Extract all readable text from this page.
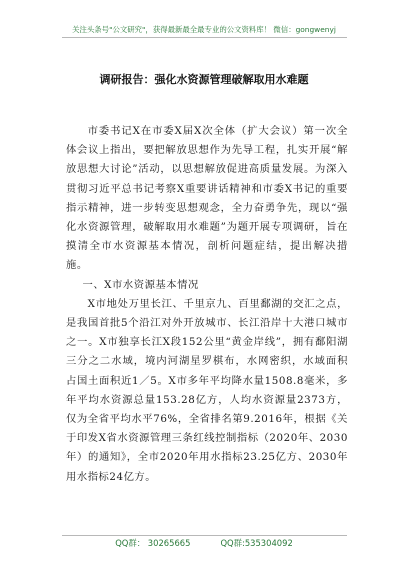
关注头条号"公文研究"，获得最新最全最专业的公文资料库！ 微信：gongwenyj
调研报告：强化水资源管理破解取用水难题

市委书记X在市委X届X次全体（扩大会议）第一次全体会议上指出，要把解放思想作为先导工程，扎实开展“解放思想大讨论”活动，以思想解放促进高质量发展。为深入贯彻习近平总书记考察X重要讲话精神和市委X书记的重要指示精神，进一步转变思想观念，全力奋勇争先，现以“强化水资源管理，破解取用水难题”为题开展专项调研，旨在摸清全市水资源基本情况，剖析问题症结，提出解决措施。

一、X市水资源基本情况

X市地处万里长江、千里京九、百里鄱湖的交汇之点，是我国首批5个沿江对外开放城市、长江沿岸十大港口城市之一。X市独享长江X段152公里“黄金岸线”，拥有鄱阳湖三分之二水域，境内河湖星罗棋布，水网密织，水域面积占国土面积近1／5。X市多年平均降水量1508.8毫米，多年平均水资源总量153.28亿方，人均水资源量2373方，仅为全省平均水平76%，全省排名第9.2016年，根据《关于印发X省水资源管理三条红线控制指标（2020年、2030年）的通知》，全市2020年用水指标23.25亿方、2030年用水指标24亿方。

QQ群： 30265665	QQ群:535304092
